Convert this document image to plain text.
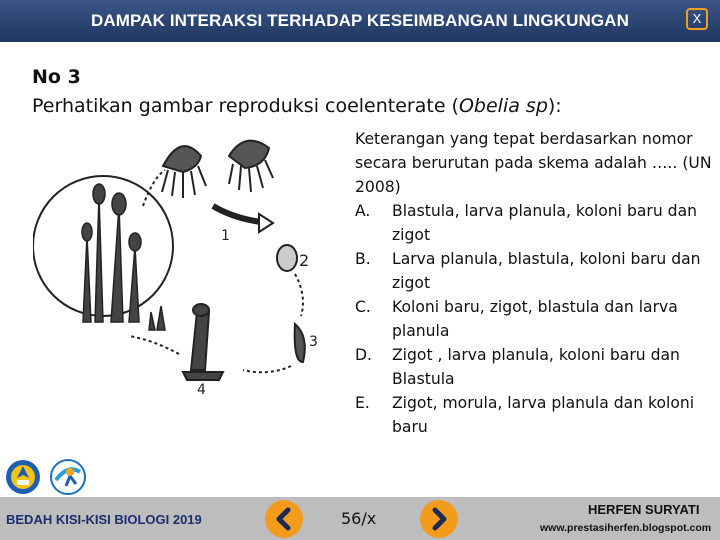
DAMPAK INTERAKSI TERHADAP KESEIMBANGAN LINGKUNGAN	X
No 3
Perhatikan gambar reproduksi coelenterate (Obelia sp):
2
1
3
4

Keterangan yang tepat berdasarkan nomor secara berurutan pada skema adalah ….. (UN 2008)

A. Blastula, larva planula, koloni baru dan zigot
B. Larva planula, blastula, koloni baru dan zigot
C. Koloni baru, zigot, blastula dan larva planula
D. Zigot , larva planula, koloni baru dan Blastula
E. Zigot, morula, larva planula dan koloni baru
BEDAH KISI-KISI BIOLOGI 2019	56/x	HERFEN SURYATI
www.prestasiherfen.blogspot.com
